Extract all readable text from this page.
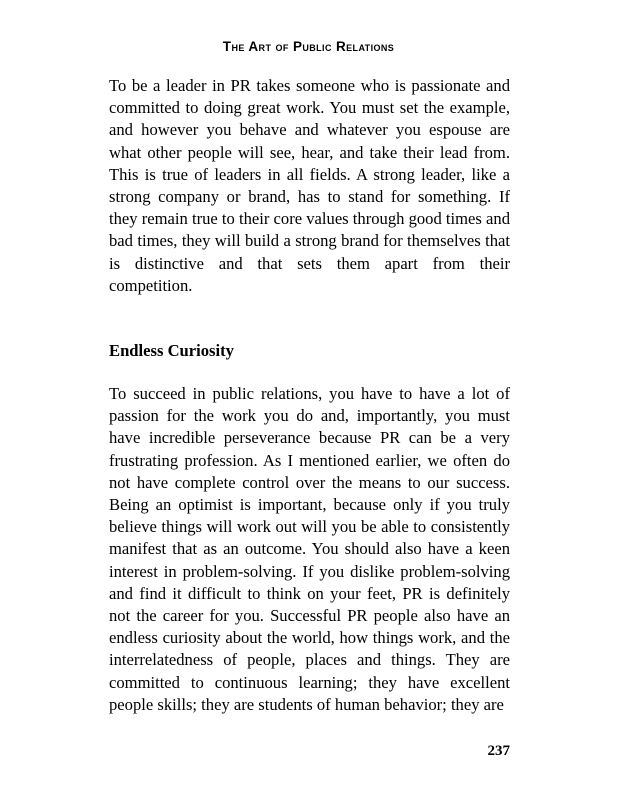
The Art of Public Relations

To be a leader in PR takes someone who is passionate and committed to doing great work. You must set the example, and however you behave and whatever you espouse are what other people will see, hear, and take their lead from. This is true of leaders in all fields. A strong leader, like a strong company or brand, has to stand for something. If they remain true to their core values through good times and bad times, they will build a strong brand for themselves that is distinctive and that sets them apart from their competition.

Endless Curiosity

To succeed in public relations, you have to have a lot of passion for the work you do and, importantly, you must have incredible perseverance because PR can be a very frustrating profession. As I mentioned earlier, we often do not have complete control over the means to our success. Being an optimist is important, because only if you truly believe things will work out will you be able to consistently manifest that as an outcome. You should also have a keen interest in problem-solving. If you dislike problem-solving and find it difficult to think on your feet, PR is definitely not the career for you. Successful PR people also have an endless curiosity about the world, how things work, and the interrelatedness of people, places and things. They are committed to continuous learning; they have excellent people skills; they are students of human behavior; they are

237
